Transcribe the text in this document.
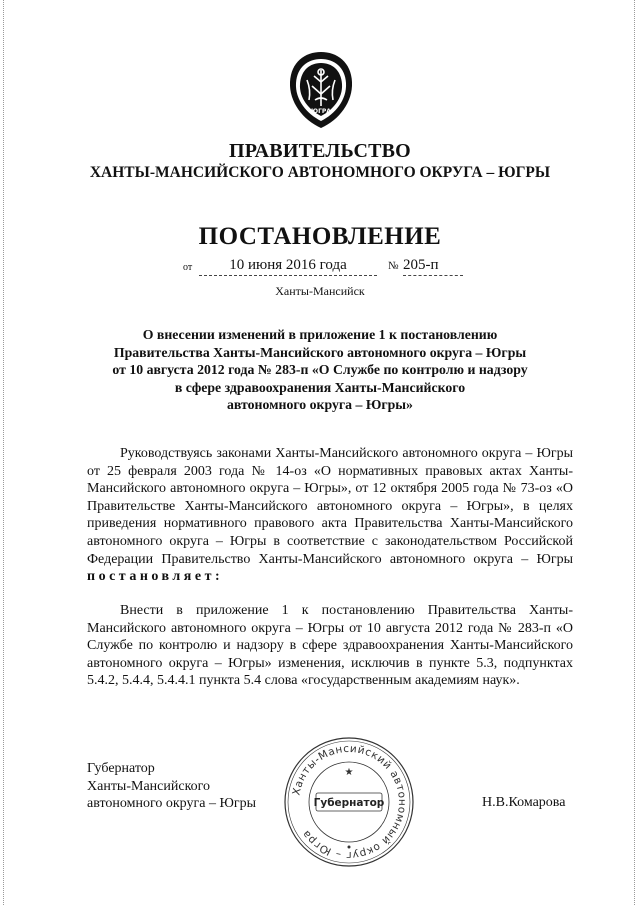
ЮГРА
ПРАВИТЕЛЬСТВО
ХАНТЫ-МАНСИЙСКОГО АВТОНОМНОГО ОКРУГА – ЮГРЫ
ПОСТАНОВЛЕНИЕ
от	10 июня 2016 года	№ 205-п
Ханты-Мансийск
О внесении изменений в приложение 1 к постановлению
Правительства Ханты-Мансийского автономного округа – Югры
от 10 августа 2012 года № 283-п «О Службе по контролю и надзору
в сфере здравоохранения Ханты-Мансийского
автономного округа – Югры»
Руководствуясь законами Ханты-Мансийского автономного округа – Югры от 25 февраля 2003 года № 14-оз «О нормативных правовых актах Ханты-Мансийского автономного округа – Югры», от 12 октября 2005 года № 73-оз «О Правительстве Ханты-Мансийского автономного округа – Югры», в целях приведения нормативного правового акта Правительства Ханты-Мансийского автономного округа – Югры в соответствие с законодательством Российской Федерации Правительство Ханты-Мансийского автономного округа – Югры постановляет:
Внести в приложение 1 к постановлению Правительства Ханты-Мансийского автономного округа – Югры от 10 августа 2012 года № 283-п «О Службе по контролю и надзору в сфере здравоохранения Ханты-Мансийского автономного округа – Югры» изменения, исключив в пункте 5.3, подпунктах 5.4.2, 5.4.4, 5.4.4.1 пункта 5.4 слова «государственным академиям наук».
Губернатор
Ханты-Мансийского
автономного округа – Югры	Н.В.Комарова
Ханты-Мансийский автономный округ – Югра
Губернатор
★
